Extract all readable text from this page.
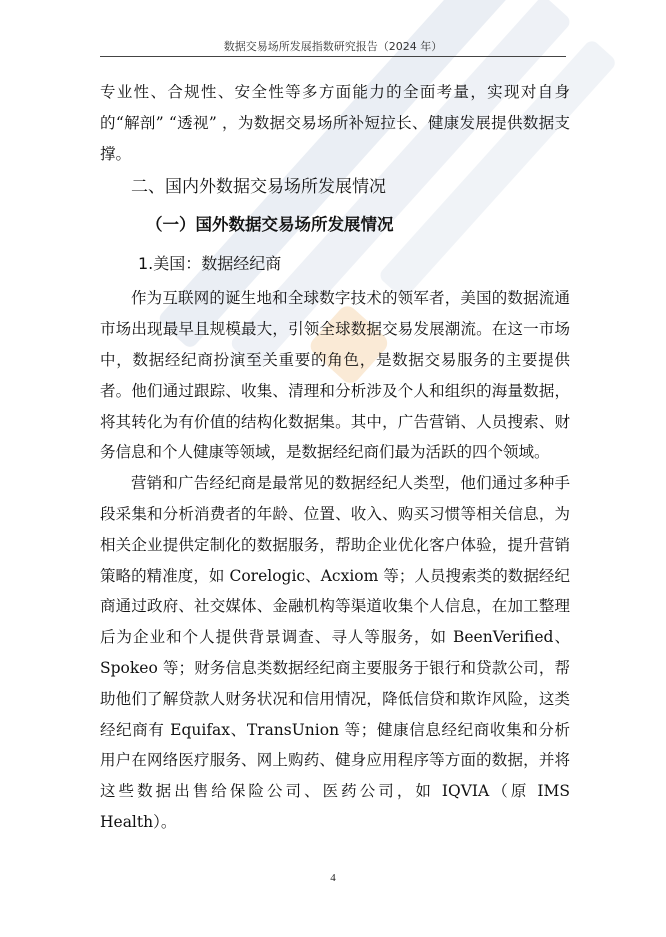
数据交易场所发展指数研究报告（2024 年）

专业性、合规性、安全性等多方面能力的全面考量，实现对自身的“解剖” “透视” ，为数据交易场所补短拉长、健康发展提供数据支撑。

二、国内外数据交易场所发展情况

（一）国外数据交易场所发展情况

1.美国：数据经纪商

作为互联网的诞生地和全球数字技术的领军者，美国的数据流通市场出现最早且规模最大，引领全球数据交易发展潮流。在这一市场中，数据经纪商扮演至关重要的角色，是数据交易服务的主要提供者。他们通过跟踪、收集、清理和分析涉及个人和组织的海量数据，将其转化为有价值的结构化数据集。其中，广告营销、人员搜索、财务信息和个人健康等领域，是数据经纪商们最为活跃的四个领域。

营销和广告经纪商是最常见的数据经纪人类型，他们通过多种手段采集和分析消费者的年龄、位置、收入、购买习惯等相关信息，为相关企业提供定制化的数据服务，帮助企业优化客户体验，提升营销策略的精准度，如 Corelogic、Acxiom 等；人员搜索类的数据经纪商通过政府、社交媒体、金融机构等渠道收集个人信息，在加工整理后为企业和个人提供背景调查、寻人等服务，如 BeenVerified、Spokeo 等；财务信息类数据经纪商主要服务于银行和贷款公司，帮助他们了解贷款人财务状况和信用情况，降低信贷和欺诈风险，这类经纪商有 Equifax、TransUnion 等；健康信息经纪商收集和分析用户在网络医疗服务、网上购药、健身应用程序等方面的数据，并将这些数据出售给保险公司、医药公司，如 IQVIA（原 IMS Health）。

4
